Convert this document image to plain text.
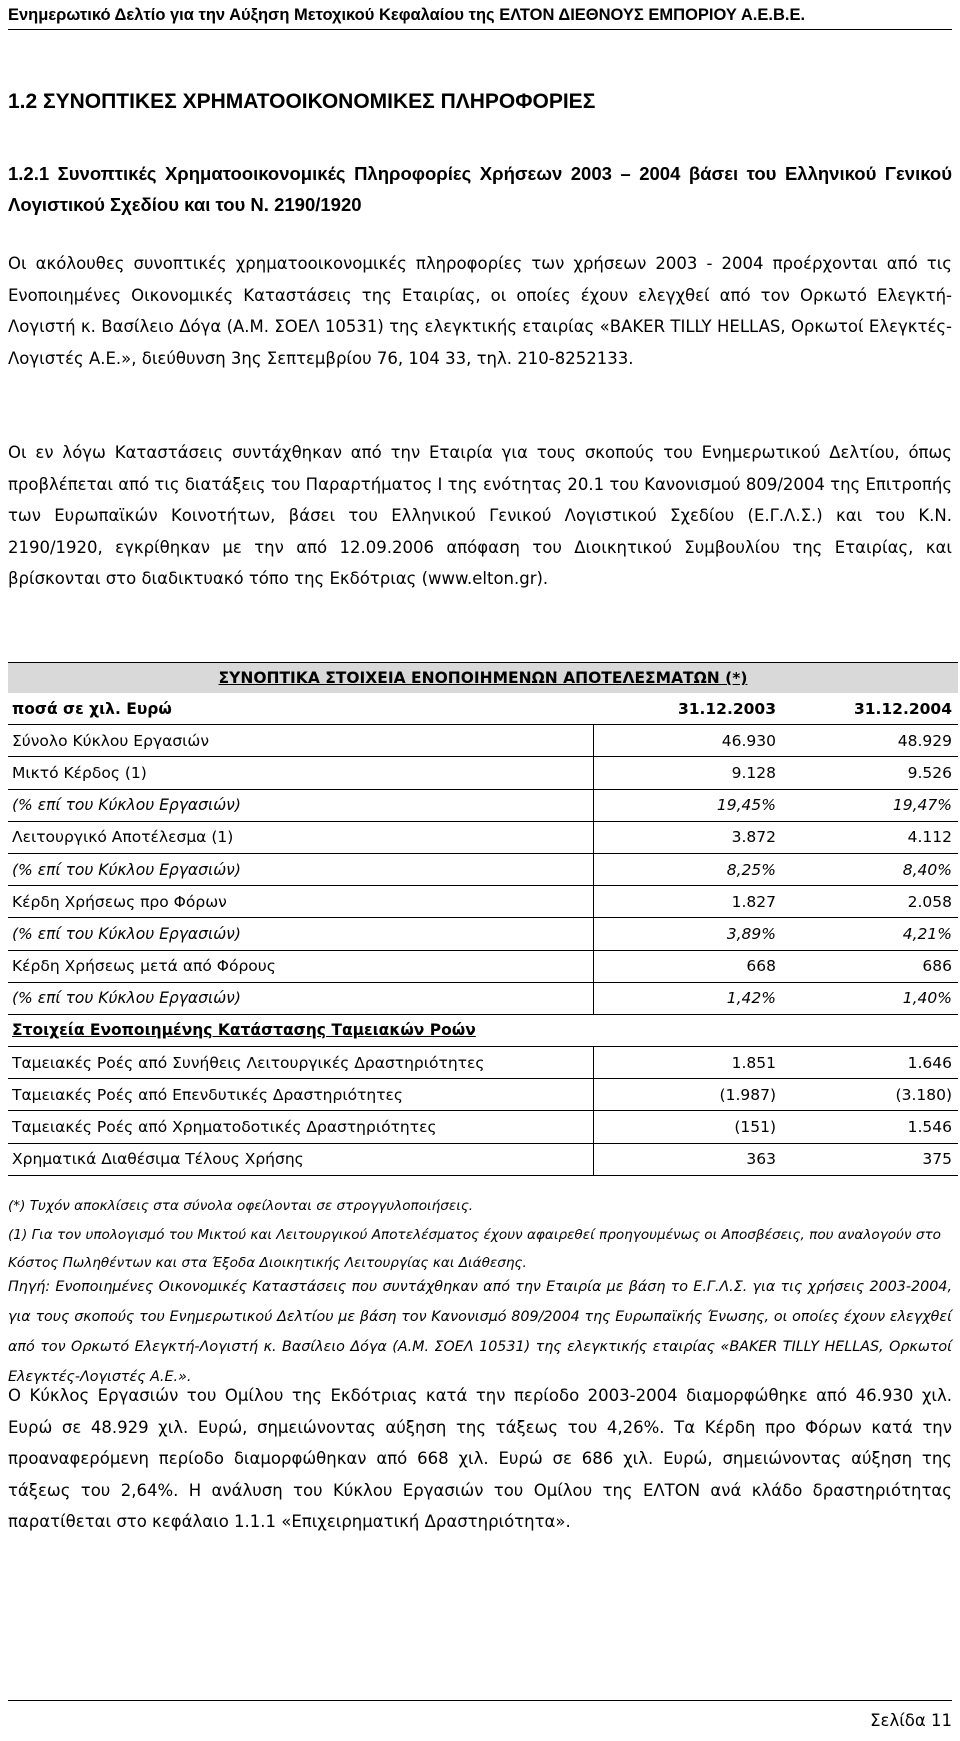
Ενημερωτικό Δελτίο για την Αύξηση Μετοχικού Κεφαλαίου της ΕΛΤΟΝ ΔΙΕΘΝΟΥΣ ΕΜΠΟΡΙΟΥ Α.Ε.Β.Ε.
1.2 ΣΥΝΟΠΤΙΚΕΣ ΧΡΗΜΑΤΟΟΙΚΟΝΟΜΙΚΕΣ ΠΛΗΡΟΦΟΡΙΕΣ
1.2.1 Συνοπτικές Χρηματοοικονομικές Πληροφορίες Χρήσεων 2003 – 2004 βάσει του Ελληνικού Γενικού Λογιστικού Σχεδίου και του Ν. 2190/1920
Οι ακόλουθες συνοπτικές χρηματοοικονομικές πληροφορίες των χρήσεων 2003 - 2004 προέρχονται από τις Ενοποιημένες Οικονομικές Καταστάσεις της Εταιρίας, οι οποίες έχουν ελεγχθεί από τον Ορκωτό Ελεγκτή-Λογιστή κ. Βασίλειο Δόγα (Α.Μ. ΣΟΕΛ 10531) της ελεγκτικής εταιρίας «BAKER TILLY HELLAS, Ορκωτοί Ελεγκτές-Λογιστές Α.Ε.», διεύθυνση 3ης Σεπτεμβρίου 76, 104 33, τηλ. 210-8252133.
Οι εν λόγω Καταστάσεις συντάχθηκαν από την Εταιρία για τους σκοπούς του Ενημερωτικού Δελτίου, όπως προβλέπεται από τις διατάξεις του Παραρτήματος Ι της ενότητας 20.1 του Κανονισμού 809/2004 της Επιτροπής των Ευρωπαϊκών Κοινοτήτων, βάσει του Ελληνικού Γενικού Λογιστικού Σχεδίου (Ε.Γ.Λ.Σ.) και του Κ.Ν. 2190/1920, εγκρίθηκαν με την από 12.09.2006 απόφαση του Διοικητικού Συμβουλίου της Εταιρίας, και βρίσκονται στο διαδικτυακό τόπο της Εκδότριας (www.elton.gr).
ΣΥΝΟΠΤΙΚΑ ΣΤΟΙΧΕΙΑ ΕΝΟΠΟΙΗΜΕΝΩΝ ΑΠΟΤΕΛΕΣΜΑΤΩΝ (*)		
ποσά σε χιλ. Ευρώ	31.12.2003	31.12.2004
Σύνολο Κύκλου Εργασιών	46.930	48.929
Μικτό Κέρδος (1)	9.128	9.526
(% επί του Κύκλου Εργασιών)	19,45%	19,47%
Λειτουργικό Αποτέλεσμα (1)	3.872	4.112
(% επί του Κύκλου Εργασιών)	8,25%	8,40%
Κέρδη Χρήσεως προ Φόρων	1.827	2.058
(% επί του Κύκλου Εργασιών)	3,89%	4,21%
Κέρδη Χρήσεως μετά από Φόρους	668	686
(% επί του Κύκλου Εργασιών)	1,42%	1,40%
Στοιχεία Ενοποιημένης Κατάστασης Ταμειακών Ροών		
Ταμειακές Ροές από Συνήθεις Λειτουργικές Δραστηριότητες	1.851	1.646
Ταμειακές Ροές από Επενδυτικές Δραστηριότητες	(1.987)	(3.180)
Ταμειακές Ροές από Χρηματοδοτικές Δραστηριότητες	(151)	1.546
Χρηματικά Διαθέσιμα Τέλους Χρήσης	363	375
(*) Τυχόν αποκλίσεις στα σύνολα οφείλονται σε στρογγυλοποιήσεις.
(1) Για τον υπολογισμό του Μικτού και Λειτουργικού Αποτελέσματος έχουν αφαιρεθεί προηγουμένως οι Αποσβέσεις, που αναλογούν στο Κόστος Πωληθέντων και στα Έξοδα Διοικητικής Λειτουργίας και Διάθεσης.
Πηγή: Ενοποιημένες Οικονομικές Καταστάσεις που συντάχθηκαν από την Εταιρία με βάση το Ε.Γ.Λ.Σ. για τις χρήσεις 2003-2004, για τους σκοπούς του Ενημερωτικού Δελτίου με βάση τον Κανονισμό 809/2004 της Ευρωπαϊκής Ένωσης, οι οποίες έχουν ελεγχθεί από τον Ορκωτό Ελεγκτή-Λογιστή κ. Βασίλειο Δόγα (Α.Μ. ΣΟΕΛ 10531) της ελεγκτικής εταιρίας «BAKER TILLY HELLAS, Ορκωτοί Ελεγκτές-Λογιστές Α.Ε.».
Ο Κύκλος Εργασιών του Ομίλου της Εκδότριας κατά την περίοδο 2003-2004 διαμορφώθηκε από 46.930 χιλ. Ευρώ σε 48.929 χιλ. Ευρώ, σημειώνοντας αύξηση της τάξεως του 4,26%. Τα Κέρδη προ Φόρων κατά την προαναφερόμενη περίοδο διαμορφώθηκαν από 668 χιλ. Ευρώ σε 686 χιλ. Ευρώ, σημειώνοντας αύξηση της τάξεως του 2,64%. Η ανάλυση του Κύκλου Εργασιών του Ομίλου της ΕΛΤΟΝ ανά κλάδο δραστηριότητας παρατίθεται στο κεφάλαιο 1.1.1 «Επιχειρηματική Δραστηριότητα».
Σελίδα 11
